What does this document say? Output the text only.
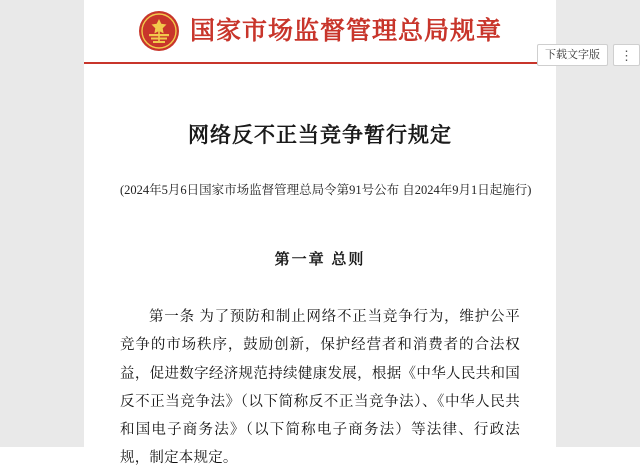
国家市场监督管理总局规章
网络反不正当竞争暂行规定
(2024年5月6日国家市场监督管理总局令第91号公布 自2024年9月1日起施行)
第一章 总则
第一条 为了预防和制止网络不正当竞争行为，维护公平竞争的市场秩序，鼓励创新，保护经营者和消费者的合法权益，促进数字经济规范持续健康发展，根据《中华人民共和国反不正当竞争法》（以下简称反不正当竞争法）、《中华人民共和国电子商务法》（以下简称电子商务法）等法律、行政法规，制定本规定。
下载文字版	⋮
